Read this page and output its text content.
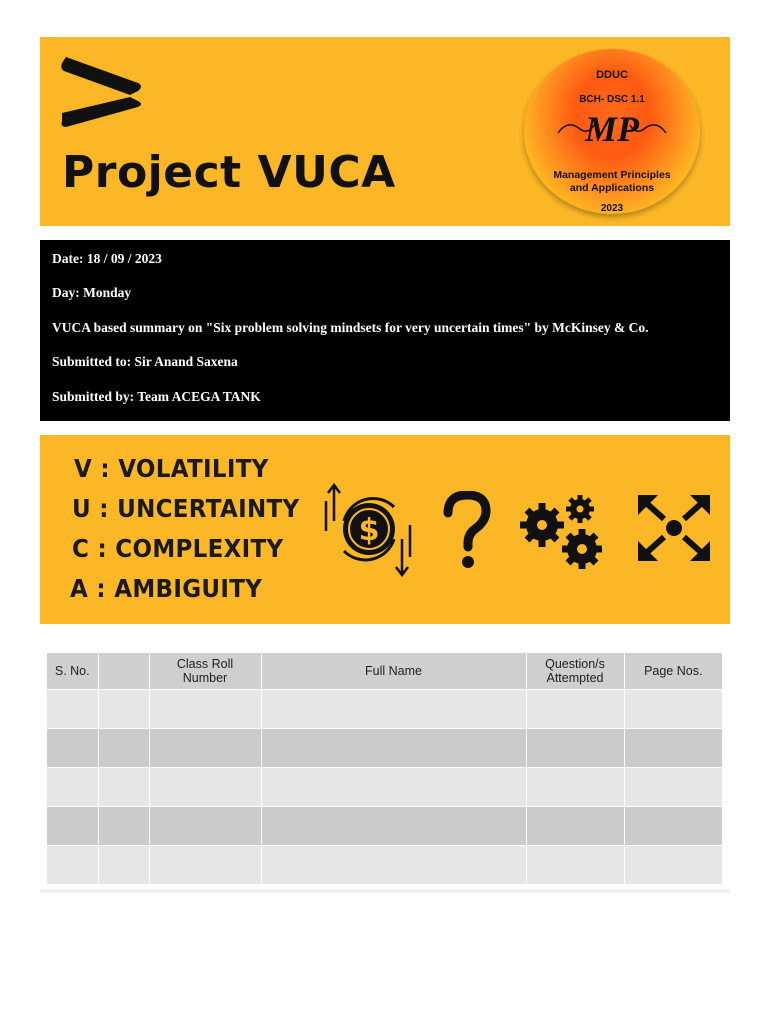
Project VUCA
DDUC
BCH- DSC 1.1
MP
Management Principles
and Applications
2023
Date: 18 / 09 / 2023
Day: Monday
VUCA based summary on "Six problem solving mindsets for very uncertain times" by McKinsey & Co.
Submitted to: Sir Anand Saxena
Submitted by: Team ACEGA TANK
V : VOLATILITY
U : UNCERTAINTY
C : COMPLEXITY
A : AMBIGUITY
$
S. No.		Class Roll Number	Full Name	Question/s Attempted	Page Nos.
